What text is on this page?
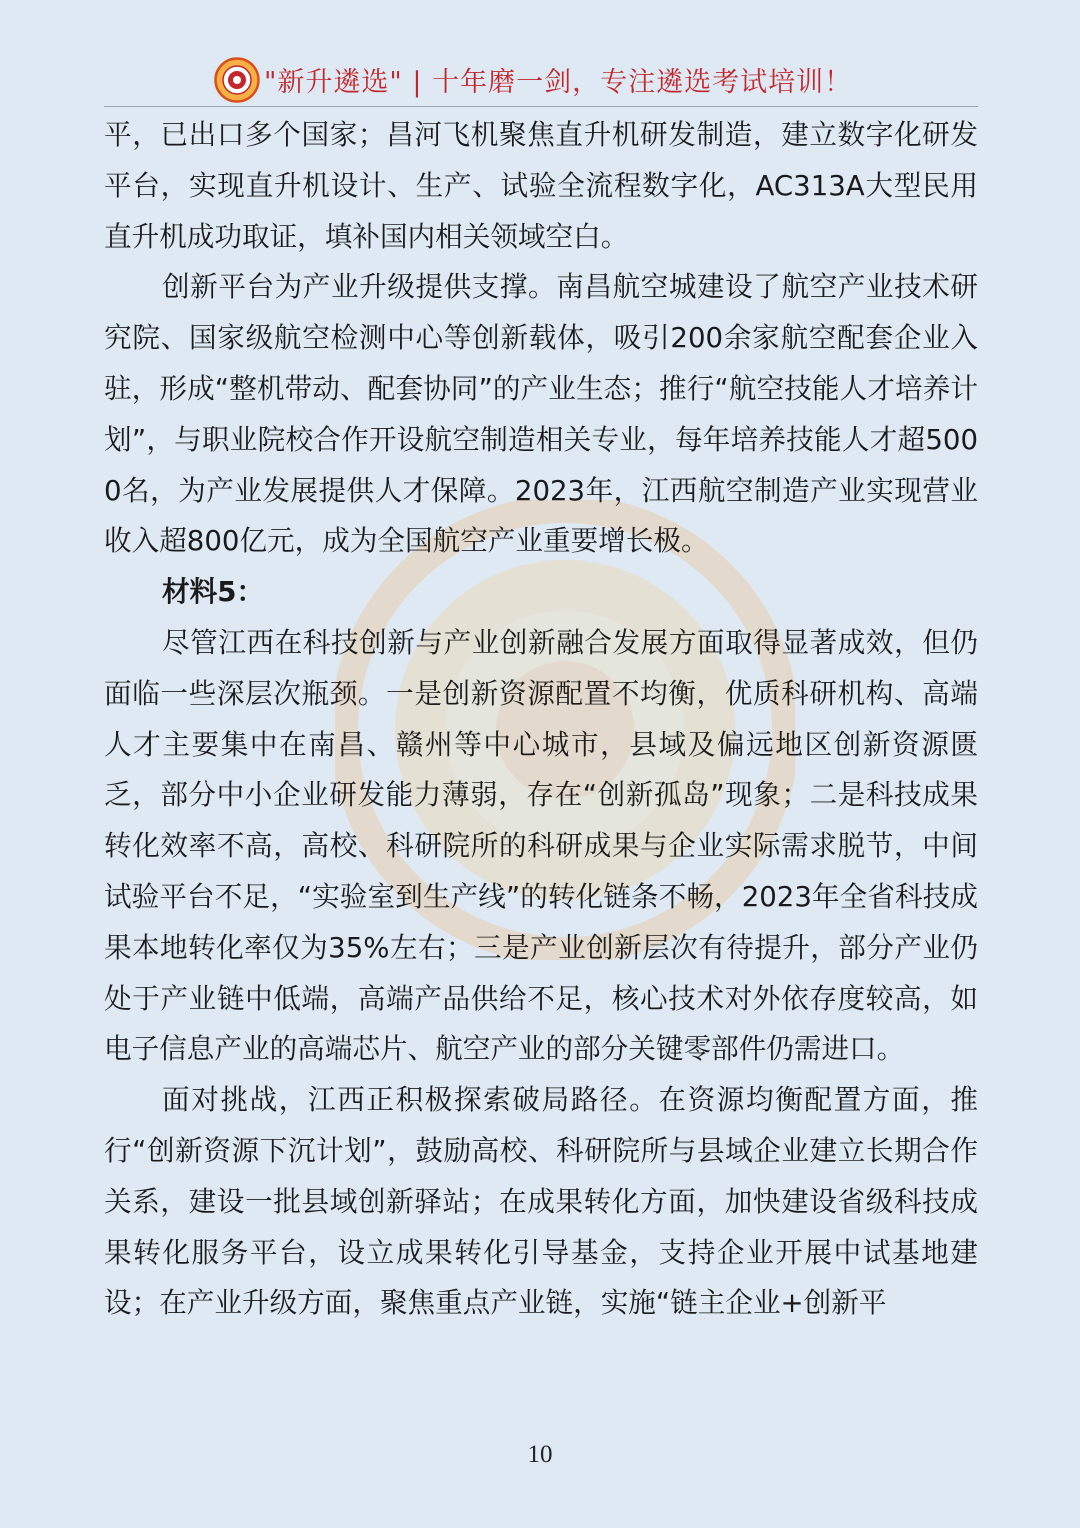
"新升遴选" | 十年磨一剑，专注遴选考试培训！

平，已出口多个国家；昌河飞机聚焦直升机研发制造，建立数字化研发平台，实现直升机设计、生产、试验全流程数字化，AC313A大型民用直升机成功取证，填补国内相关领域空白。

创新平台为产业升级提供支撑。南昌航空城建设了航空产业技术研究院、国家级航空检测中心等创新载体，吸引200余家航空配套企业入驻，形成“整机带动、配套协同”的产业生态；推行“航空技能人才培养计划”，与职业院校合作开设航空制造相关专业，每年培养技能人才超5000名，为产业发展提供人才保障。2023年，江西航空制造产业实现营业收入超800亿元，成为全国航空产业重要增长极。

材料5：

尽管江西在科技创新与产业创新融合发展方面取得显著成效，但仍面临一些深层次瓶颈。一是创新资源配置不均衡，优质科研机构、高端人才主要集中在南昌、赣州等中心城市，县域及偏远地区创新资源匮乏，部分中小企业研发能力薄弱，存在“创新孤岛”现象；二是科技成果转化效率不高，高校、科研院所的科研成果与企业实际需求脱节，中间试验平台不足，“实验室到生产线”的转化链条不畅，2023年全省科技成果本地转化率仅为35%左右；三是产业创新层次有待提升，部分产业仍处于产业链中低端，高端产品供给不足，核心技术对外依存度较高，如电子信息产业的高端芯片、航空产业的部分关键零部件仍需进口。

面对挑战，江西正积极探索破局路径。在资源均衡配置方面，推行“创新资源下沉计划”，鼓励高校、科研院所与县域企业建立长期合作关系，建设一批县域创新驿站；在成果转化方面，加快建设省级科技成果转化服务平台，设立成果转化引导基金，支持企业开展中试基地建设；在产业升级方面，聚焦重点产业链，实施“链主企业+创新平

10
